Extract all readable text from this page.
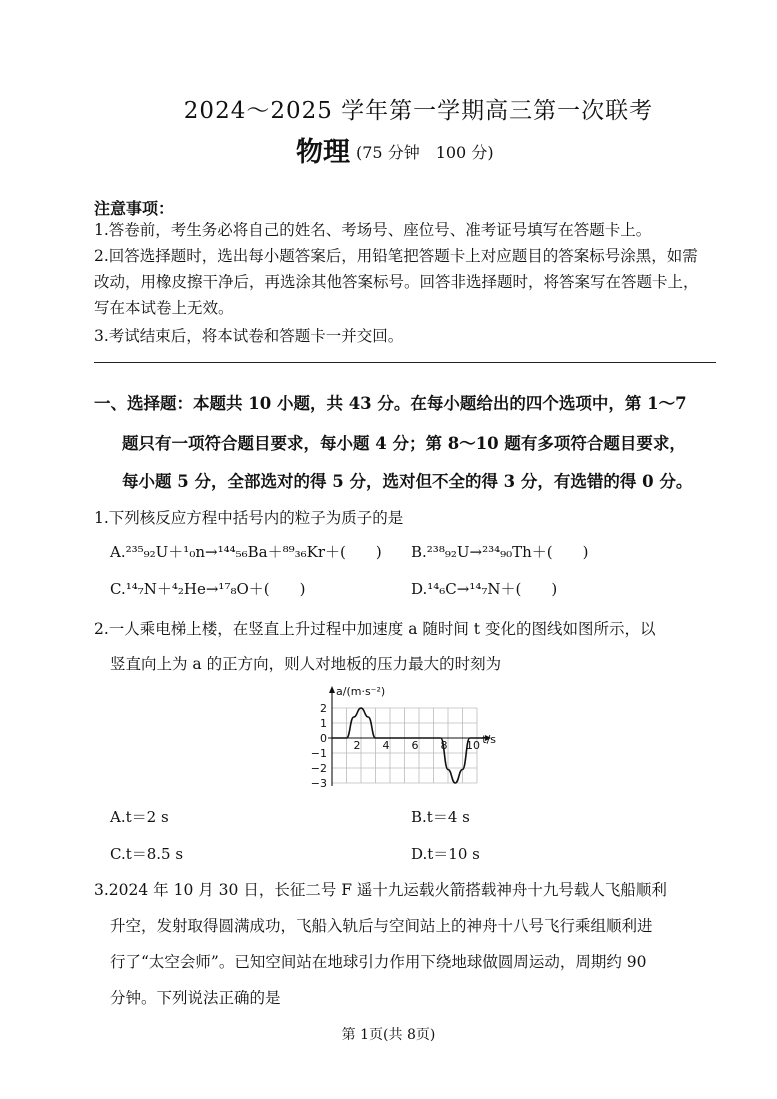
2024～2025 学年第一学期高三第一次联考
物理 (75 分钟　100 分)
注意事项：
1.答卷前，考生务必将自己的姓名、考场号、座位号、准考证号填写在答题卡上。
2.回答选择题时，选出每小题答案后，用铅笔把答题卡上对应题目的答案标号涂黑，如需
改动，用橡皮擦干净后，再选涂其他答案标号。回答非选择题时，将答案写在答题卡上，
写在本试卷上无效。
3.考试结束后，将本试卷和答题卡一并交回。
一、选择题：本题共 10 小题，共 43 分。在每小题给出的四个选项中，第 1～7
题只有一项符合题目要求，每小题 4 分；第 8～10 题有多项符合题目要求，
每小题 5 分，全部选对的得 5 分，选对但不全的得 3 分，有选错的得 0 分。
1.下列核反应方程中括号内的粒子为质子的是
A.²³⁵₉₂U＋¹₀n→¹⁴⁴₅₆Ba＋⁸⁹₃₆Kr＋(　　) B.²³⁸₉₂U→²³⁴₉₀Th＋(　　)
C.¹⁴₇N＋⁴₂He→¹⁷₈O＋(　　)	D.¹⁴₆C→¹⁴₇N＋(　　)
2.一人乘电梯上楼，在竖直上升过程中加速度 a 随时间 t 变化的图线如图所示，以
竖直向上为 a 的正方向，则人对地板的压力最大的时刻为
a/(m·s⁻²)
t/s
2
1
0
−1
−2
−3
2 4 6 8 10
A.t＝2 s	B.t＝4 s
C.t＝8.5 s	D.t＝10 s
3.2024 年 10 月 30 日，长征二号 F 遥十九运载火箭搭载神舟十九号载人飞船顺利
升空，发射取得圆满成功，飞船入轨后与空间站上的神舟十八号飞行乘组顺利进
行了“太空会师”。已知空间站在地球引力作用下绕地球做圆周运动，周期约 90
分钟。下列说法正确的是
第 1页(共 8页)
